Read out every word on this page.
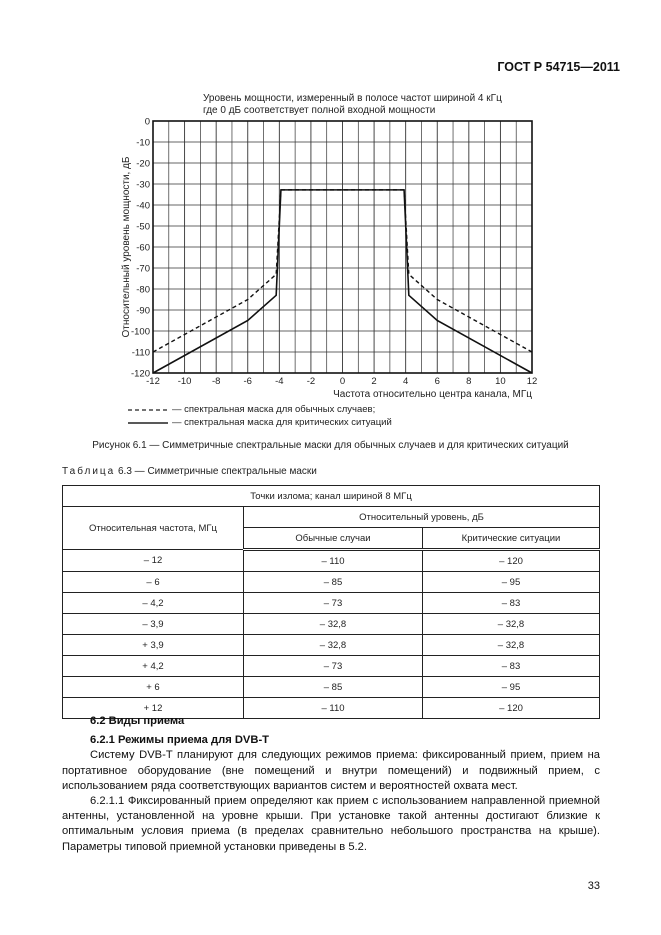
ГОСТ Р 54715—2011
Уровень мощности, измеренный в полосе частот шириной 4 кГц
где 0 дБ соответствует полной входной мощности
-12 -10 -8 -6 -4 -2	0	2	4	6	8 10 12
0
-10
-20
-30
-40
-50
-60
-70
-80
-90
-100
-110
-120
Частота относительно центра канала, МГц
Относительный уровень мощности, дБ
— спектральная маска для обычных случаев;
— спектральная маска для критических ситуаций
Рисунок 6.1 — Симметричные спектральные маски для обычных случаев и для критических ситуаций
Таблица 6.3 — Симметричные спектральные маски
Точки излома; канал шириной 8 МГц		
Относительная частота, МГц	Относительный уровень, дБ	
	Обычные случаи	Критические ситуации
– 12	– 110	– 120
– 6	– 85	– 95
– 4,2	– 73	– 83
– 3,9	– 32,8	– 32,8
+ 3,9	– 32,8	– 32,8
+ 4,2	– 73	– 83
+ 6	– 85	– 95
+ 12	– 110	– 120

6.2 Виды приема

6.2.1 Режимы приема для DVB-T

Систему DVB-T планируют для следующих режимов приема: фиксированный прием, прием на портативное оборудование (вне помещений и внутри помещений) и подвижный прием, с использованием ряда соответствующих вариантов систем и вероятностей охвата мест.

6.2.1.1 Фиксированный прием определяют как прием с использованием направленной приемной антенны, установленной на уровне крыши. При установке такой антенны достигают близкие к оптимальным условия приема (в пределах сравнительно небольшого пространства на крыше). Параметры типовой приемной установки приведены в 5.2.

33
